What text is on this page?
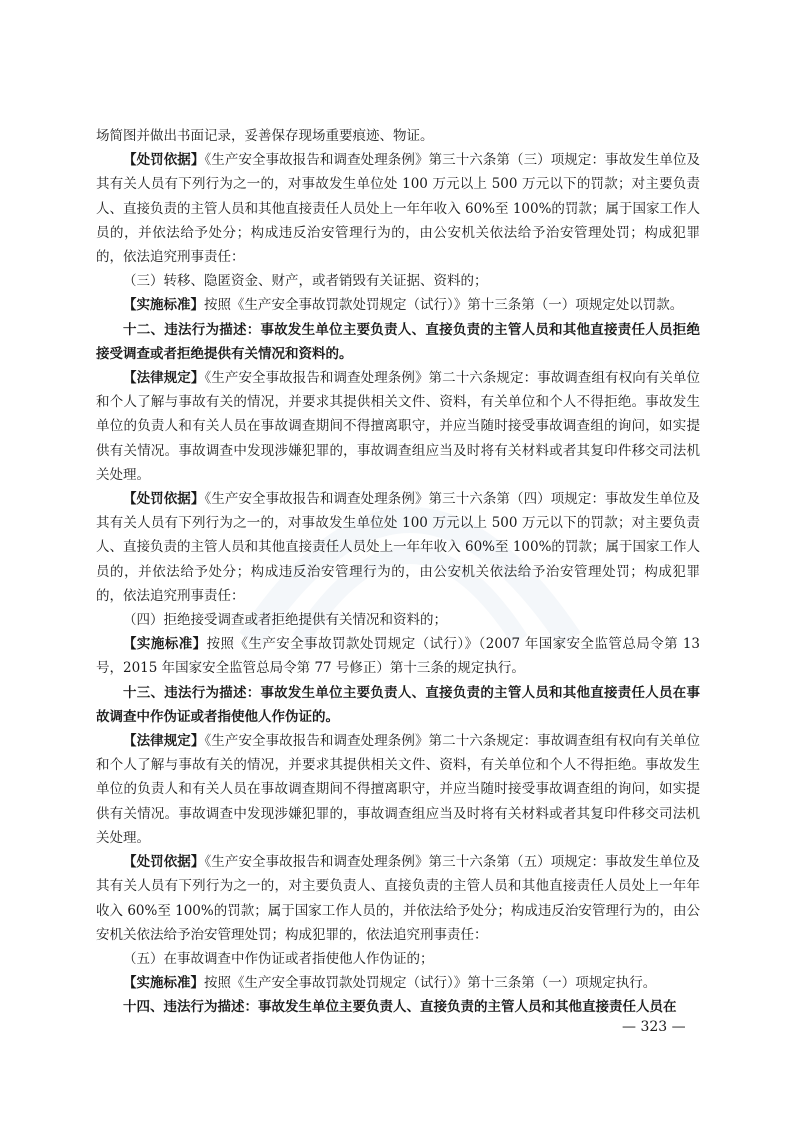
场简图并做出书面记录，妥善保存现场重要痕迹、物证。

【处罚依据】《生产安全事故报告和调查处理条例》第三十六条第（三）项规定：事故发生单位及其有关人员有下列行为之一的，对事故发生单位处 100 万元以上 500 万元以下的罚款；对主要负责人、直接负责的主管人员和其他直接责任人员处上一年年收入 60%至 100%的罚款；属于国家工作人员的，并依法给予处分；构成违反治安管理行为的，由公安机关依法给予治安管理处罚；构成犯罪的，依法追究刑事责任：

（三）转移、隐匿资金、财产，或者销毁有关证据、资料的；

【实施标准】按照《生产安全事故罚款处罚规定（试行）》第十三条第（一）项规定处以罚款。

十二、违法行为描述：事故发生单位主要负责人、直接负责的主管人员和其他直接责任人员拒绝接受调查或者拒绝提供有关情况和资料的。

【法律规定】《生产安全事故报告和调查处理条例》第二十六条规定：事故调查组有权向有关单位和个人了解与事故有关的情况，并要求其提供相关文件、资料，有关单位和个人不得拒绝。事故发生单位的负责人和有关人员在事故调查期间不得擅离职守，并应当随时接受事故调查组的询问，如实提供有关情况。事故调查中发现涉嫌犯罪的，事故调查组应当及时将有关材料或者其复印件移交司法机关处理。

【处罚依据】《生产安全事故报告和调查处理条例》第三十六条第（四）项规定：事故发生单位及其有关人员有下列行为之一的，对事故发生单位处 100 万元以上 500 万元以下的罚款；对主要负责人、直接负责的主管人员和其他直接责任人员处上一年年收入 60%至 100%的罚款；属于国家工作人员的，并依法给予处分；构成违反治安管理行为的，由公安机关依法给予治安管理处罚；构成犯罪的，依法追究刑事责任：

（四）拒绝接受调查或者拒绝提供有关情况和资料的；

【实施标准】按照《生产安全事故罚款处罚规定（试行）》（2007 年国家安全监管总局令第 13 号，2015 年国家安全监管总局令第 77 号修正）第十三条的规定执行。

十三、违法行为描述：事故发生单位主要负责人、直接负责的主管人员和其他直接责任人员在事故调查中作伪证或者指使他人作伪证的。

【法律规定】《生产安全事故报告和调查处理条例》第二十六条规定：事故调查组有权向有关单位和个人了解与事故有关的情况，并要求其提供相关文件、资料，有关单位和个人不得拒绝。事故发生单位的负责人和有关人员在事故调查期间不得擅离职守，并应当随时接受事故调查组的询问，如实提供有关情况。事故调查中发现涉嫌犯罪的，事故调查组应当及时将有关材料或者其复印件移交司法机关处理。

【处罚依据】《生产安全事故报告和调查处理条例》第三十六条第（五）项规定：事故发生单位及其有关人员有下列行为之一的，对主要负责人、直接负责的主管人员和其他直接责任人员处上一年年收入 60%至 100%的罚款；属于国家工作人员的，并依法给予处分；构成违反治安管理行为的，由公安机关依法给予治安管理处罚；构成犯罪的，依法追究刑事责任：

（五）在事故调查中作伪证或者指使他人作伪证的；

【实施标准】按照《生产安全事故罚款处罚规定（试行）》第十三条第（一）项规定执行。

十四、违法行为描述：事故发生单位主要负责人、直接负责的主管人员和其他直接责任人员在

— 323 —
